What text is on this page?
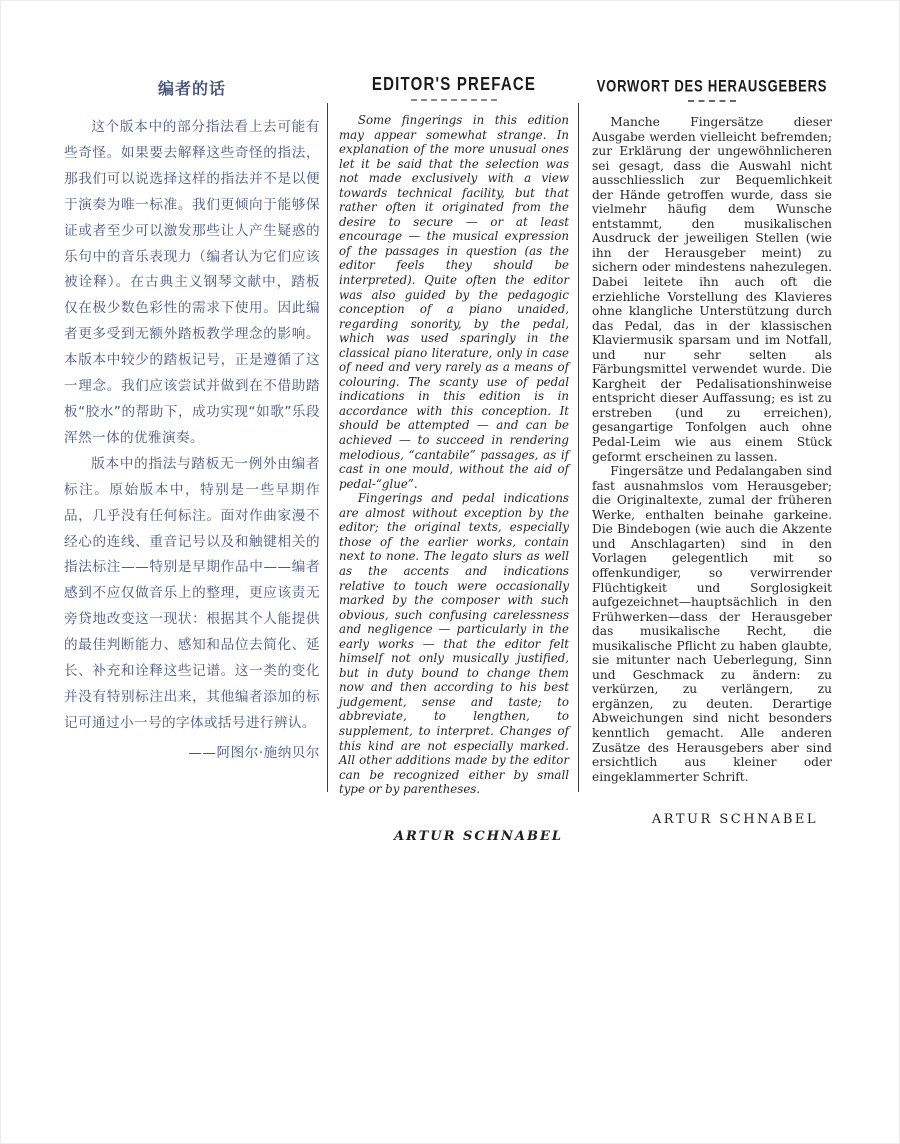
编者的话

这个版本中的部分指法看上去可能有些奇怪。如果要去解释这些奇怪的指法，那我们可以说选择这样的指法并不是以便于演奏为唯一标准。我们更倾向于能够保证或者至少可以激发那些让人产生疑惑的乐句中的音乐表现力（编者认为它们应该被诠释）。在古典主义钢琴文献中，踏板仅在极少数色彩性的需求下使用。因此编者更多受到无额外踏板教学理念的影响。本版本中较少的踏板记号，正是遵循了这一理念。我们应该尝试并做到在不借助踏板“胶水”的帮助下，成功实现“如歌”乐段浑然一体的优雅演奏。

版本中的指法与踏板无一例外由编者标注。原始版本中，特别是一些早期作品，几乎没有任何标注。面对作曲家漫不经心的连线、重音记号以及和触键相关的指法标注——特别是早期作品中——编者感到不应仅做音乐上的整理，更应该责无旁贷地改变这一现状：根据其个人能提供的最佳判断能力、感知和品位去简化、延长、补充和诠释这些记谱。这一类的变化并没有特别标注出来，其他编者添加的标记可通过小一号的字体或括号进行辨认。

——阿图尔·施纳贝尔
EDITOR'S PREFACE

Some fingerings in this edition may appear somewhat strange. In explanation of the more unusual ones let it be said that the selection was not made exclusively with a view towards technical facility, but that rather often it originated from the desire to secure — or at least encourage — the musical expression of the passages in question (as the editor feels they should be interpreted). Quite often the editor was also guided by the pedagogic conception of a piano unaided, regarding sonority, by the pedal, which was used sparingly in the classical piano literature, only in case of need and very rarely as a means of colouring. The scanty use of pedal indications in this edition is in accordance with this conception. It should be attempted — and can be achieved — to succeed in rendering melodious, “cantabile” passages, as if cast in one mould, without the aid of pedal-“glue”.

Fingerings and pedal indications are almost without exception by the editor; the original texts, especially those of the earlier works, contain next to none. The legato slurs as well as the accents and indications relative to touch were occasionally marked by the composer with such obvious, such confusing carelessness and negligence — particularly in the early works — that the editor felt himself not only musically justified, but in duty bound to change them now and then according to his best judgement, sense and taste; to abbreviate, to lengthen, to supplement, to interpret. Changes of this kind are not especially marked. All other additions made by the editor can be recognized either by small type or by parentheses.

ARTUR SCHNABEL
VORWORT DES HERAUSGEBERS

Manche Fingersätze dieser Ausgabe werden vielleicht befremden; zur Erklärung der ungewöhnlicheren sei gesagt, dass die Auswahl nicht ausschliesslich zur Bequemlichkeit der Hände getroffen wurde, dass sie vielmehr häufig dem Wunsche entstammt, den musikalischen Ausdruck der jeweiligen Stellen (wie ihn der Herausgeber meint) zu sichern oder mindestens nahezulegen. Dabei leitete ihn auch oft die erziehliche Vorstellung des Klavieres ohne klangliche Unterstützung durch das Pedal, das in der klassischen Klaviermusik sparsam und im Notfall, und nur sehr selten als Färbungsmittel verwendet wurde. Die Kargheit der Pedalisationshinweise entspricht dieser Auffassung; es ist zu erstreben (und zu erreichen), gesangartige Tonfolgen auch ohne Pedal-Leim wie aus einem Stück geformt erscheinen zu lassen.

Fingersätze und Pedalangaben sind fast ausnahmslos vom Herausgeber; die Originaltexte, zumal der früheren Werke, enthalten beinahe garkeine. Die Bindebogen (wie auch die Akzente und Anschlagarten) sind in den Vorlagen gelegentlich mit so offenkundiger, so verwirrender Flüchtigkeit und Sorglosigkeit aufgezeichnet—hauptsächlich in den Frühwerken—dass der Herausgeber das musikalische Recht, die musikalische Pflicht zu haben glaubte, sie mitunter nach Ueberlegung, Sinn und Geschmack zu ändern: zu verkürzen, zu verlängern, zu ergänzen, zu deuten. Derartige Abweichungen sind nicht besonders kenntlich gemacht. Alle anderen Zusätze des Herausgebers aber sind ersichtlich aus kleiner oder eingeklammerter Schrift.

ARTUR SCHNABEL
